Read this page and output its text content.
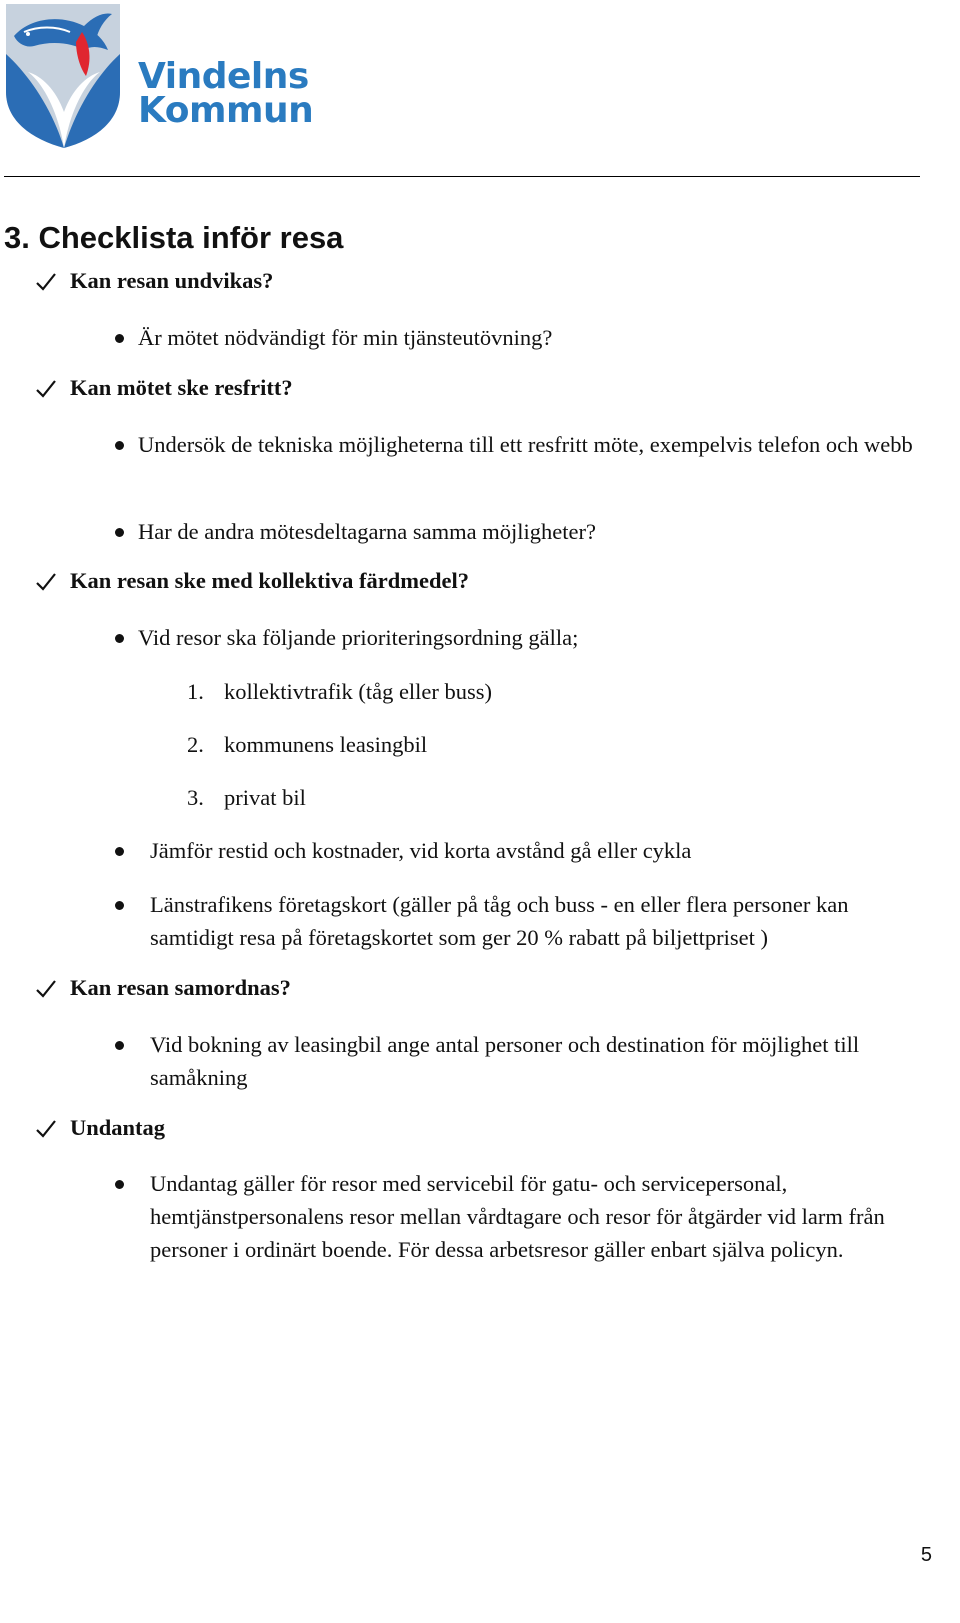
Vindelns
Kommun
3. Checklista inför resa
Kan resan undvikas?
Är mötet nödvändigt för min tjänsteutövning?
Kan mötet ske resfritt?
Undersök de tekniska möjligheterna till ett resfritt möte, exempelvis telefon och webb
Har de andra mötesdeltagarna samma möjligheter?
Kan resan ske med kollektiva färdmedel?
Vid resor ska följande prioriteringsordning gälla;
1. kollektivtrafik (tåg eller buss)
2. kommunens leasingbil
3. privat bil
Jämför restid och kostnader, vid korta avstånd gå eller cykla
Länstrafikens företagskort (gäller på tåg och buss - en eller flera personer kan samtidigt resa på företagskortet som ger 20 % rabatt på biljettpriset )
Kan resan samordnas?
Vid bokning av leasingbil ange antal personer och destination för möjlighet till samåkning
Undantag
Undantag gäller för resor med servicebil för gatu- och servicepersonal, hemtjänstpersonalens resor mellan vårdtagare och resor för åtgärder vid larm från personer i ordinärt boende. För dessa arbetsresor gäller enbart själva policyn.
5
